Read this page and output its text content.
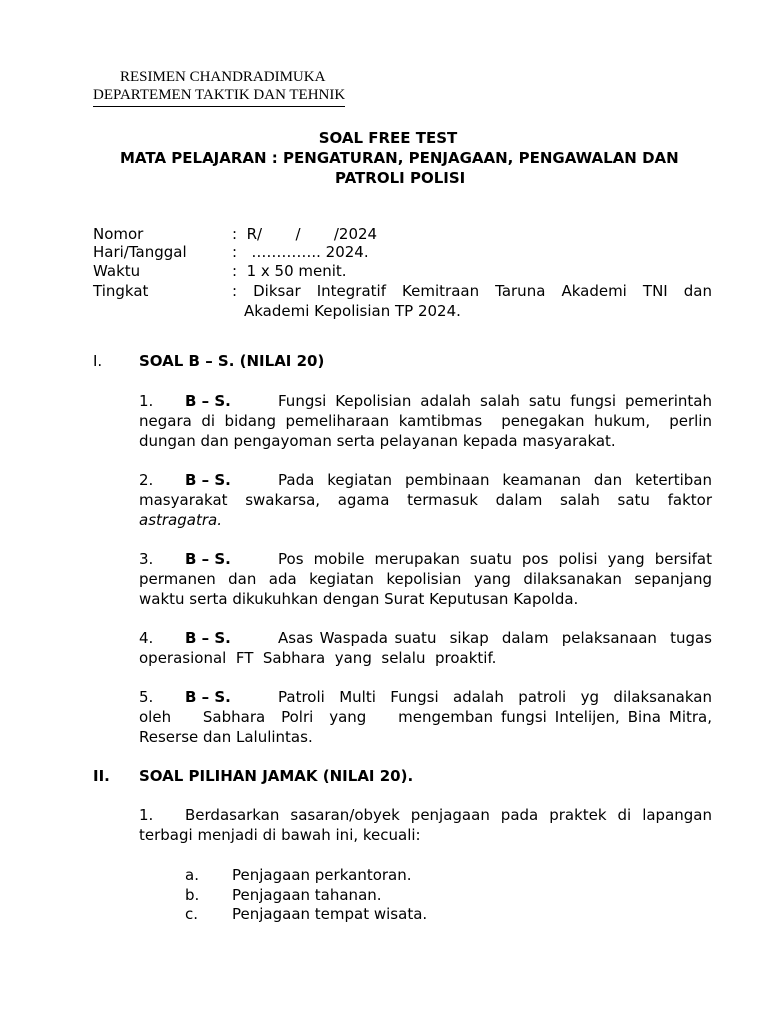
RESIMEN CHANDRADIMUKA
DEPARTEMEN TAKTIK DAN TEHNIK
SOAL FREE TEST
MATA PELAJARAN : PENGATURAN, PENJAGAAN, PENGAWALAN DAN
PATROLI POLISI
Nomor	:  R/       /       /2024
Hari/Tanggal	:   ………….. 2024.
Waktu	:  1 x 50 menit.
Tingkat	: Diksar Integratif Kemitraan Taruna Akademi TNI dan
Akademi Kepolisian TP 2024.
I. SOAL B – S. (NILAI 20)
1. B – S.	Fungsi Kepolisian adalah salah satu fungsi pemerintah
negara di bidang pemeliharaan kamtibmas  penegakan hukum,  perlin
dungan dan pengayoman serta pelayanan kepada masyarakat.
2. B – S.	Pada kegiatan pembinaan keamanan dan ketertiban
masyarakat swakarsa, agama termasuk dalam salah satu faktor
astragatra.
3. B – S.	Pos mobile merupakan suatu pos polisi yang bersifat
permanen dan ada kegiatan kepolisian yang dilaksanakan sepanjang
waktu serta dikukuhkan dengan Surat Keputusan Kapolda.
4. B – S.	Asas Waspada suatu  sikap  dalam  pelaksanaan  tugas
operasional  FT  Sabhara  yang  selalu  proaktif.
5. B – S.	Patroli Multi Fungsi adalah patroli yg dilaksanakan
oleh    Sabhara  Polri  yang    mengemban fungsi Intelijen, Bina Mitra,
Reserse dan Lalulintas.
II. SOAL PILIHAN JAMAK (NILAI 20).
1. Berdasarkan sasaran/obyek penjagaan pada praktek di lapangan
terbagi menjadi di bawah ini, kecuali:
a. Penjagaan perkantoran.
b. Penjagaan tahanan.
c. Penjagaan tempat wisata.
